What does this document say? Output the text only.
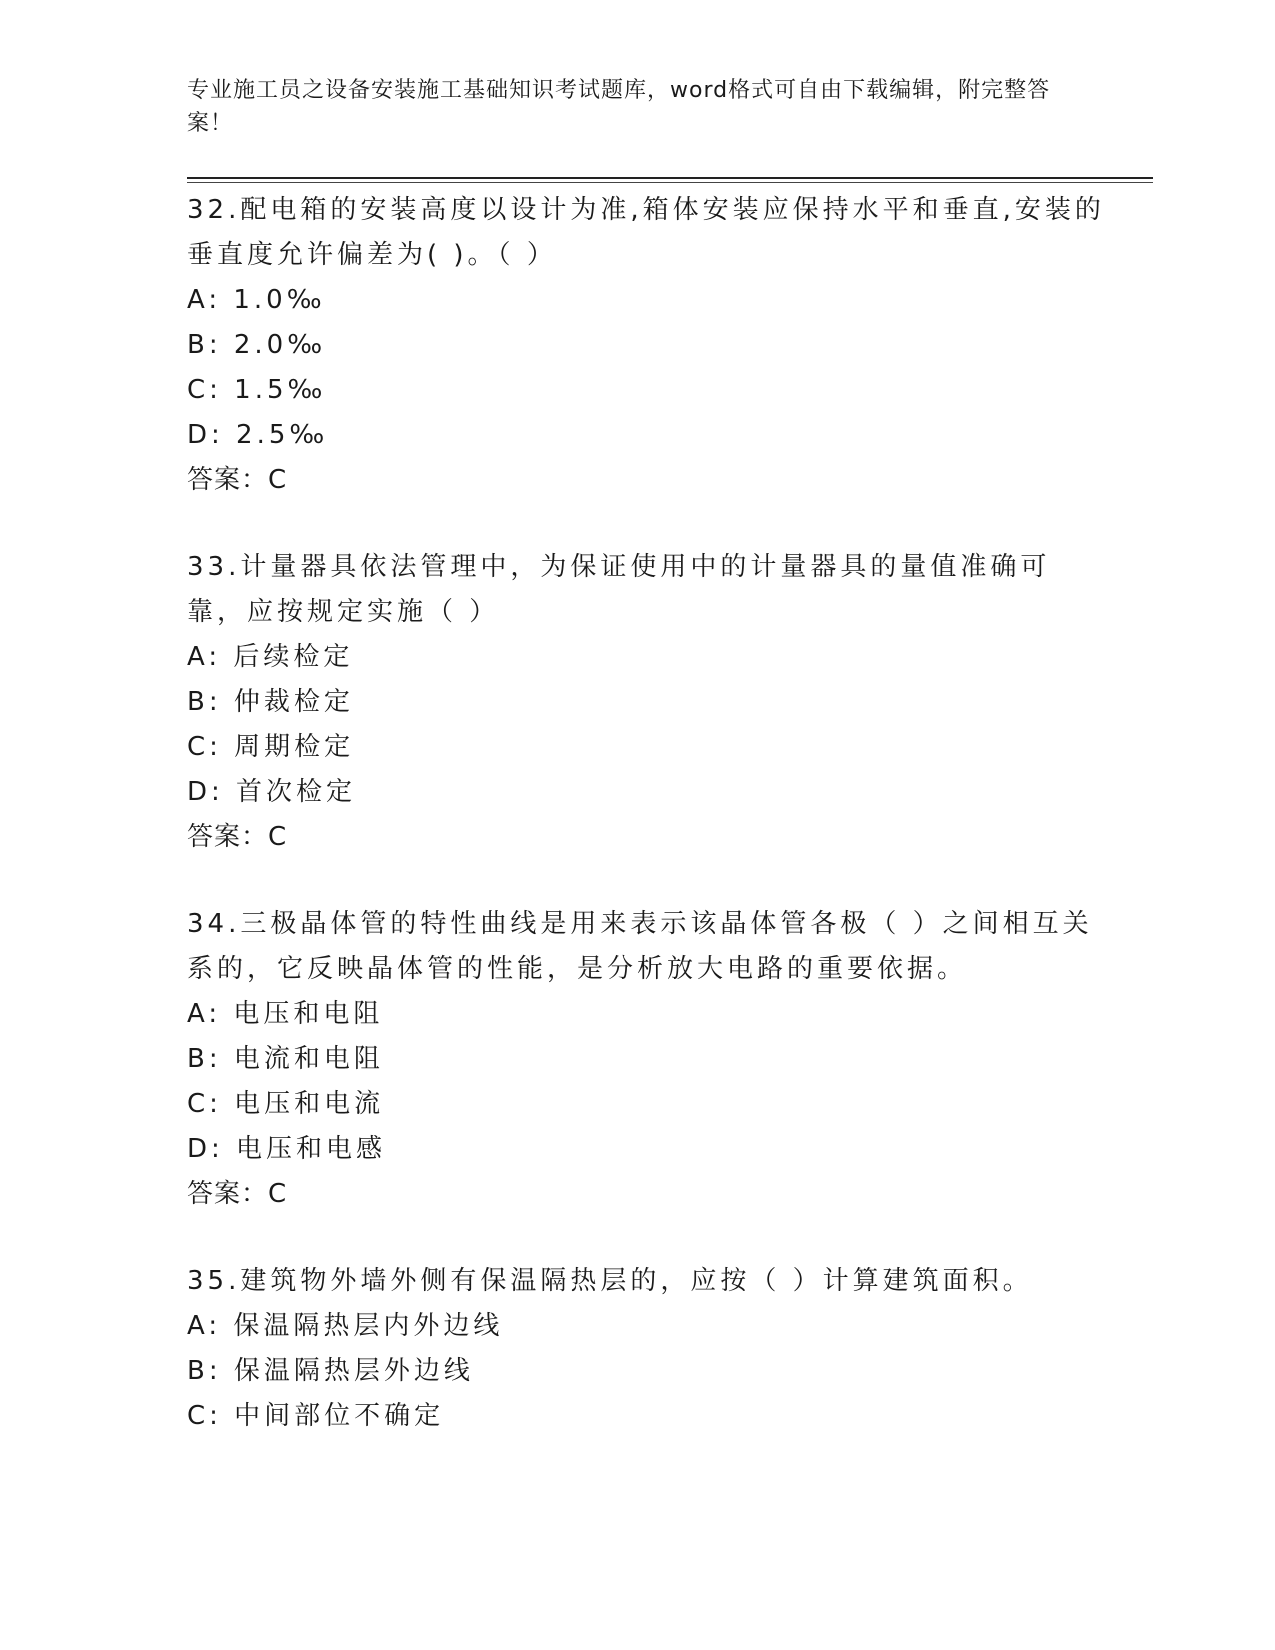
专业施工员之设备安装施工基础知识考试题库，word格式可自由下载编辑，附完整答案！

32.配电箱的安装高度以设计为准,箱体安装应保持水平和垂直,安装的垂直度允许偏差为( )。（ ）

A: 1.0‰

B: 2.0‰

C: 1.5‰

D: 2.5‰

答案：C

33.计量器具依法管理中，为保证使用中的计量器具的量值准确可靠，应按规定实施（ ）

A: 后续检定

B: 仲裁检定

C: 周期检定

D: 首次检定

答案：C

34.三极晶体管的特性曲线是用来表示该晶体管各极（ ）之间相互关系的，它反映晶体管的性能，是分析放大电路的重要依据。

A: 电压和电阻

B: 电流和电阻

C: 电压和电流

D: 电压和电感

答案：C

35.建筑物外墙外侧有保温隔热层的，应按（ ）计算建筑面积。

A: 保温隔热层内外边线

B: 保温隔热层外边线

C: 中间部位不确定
